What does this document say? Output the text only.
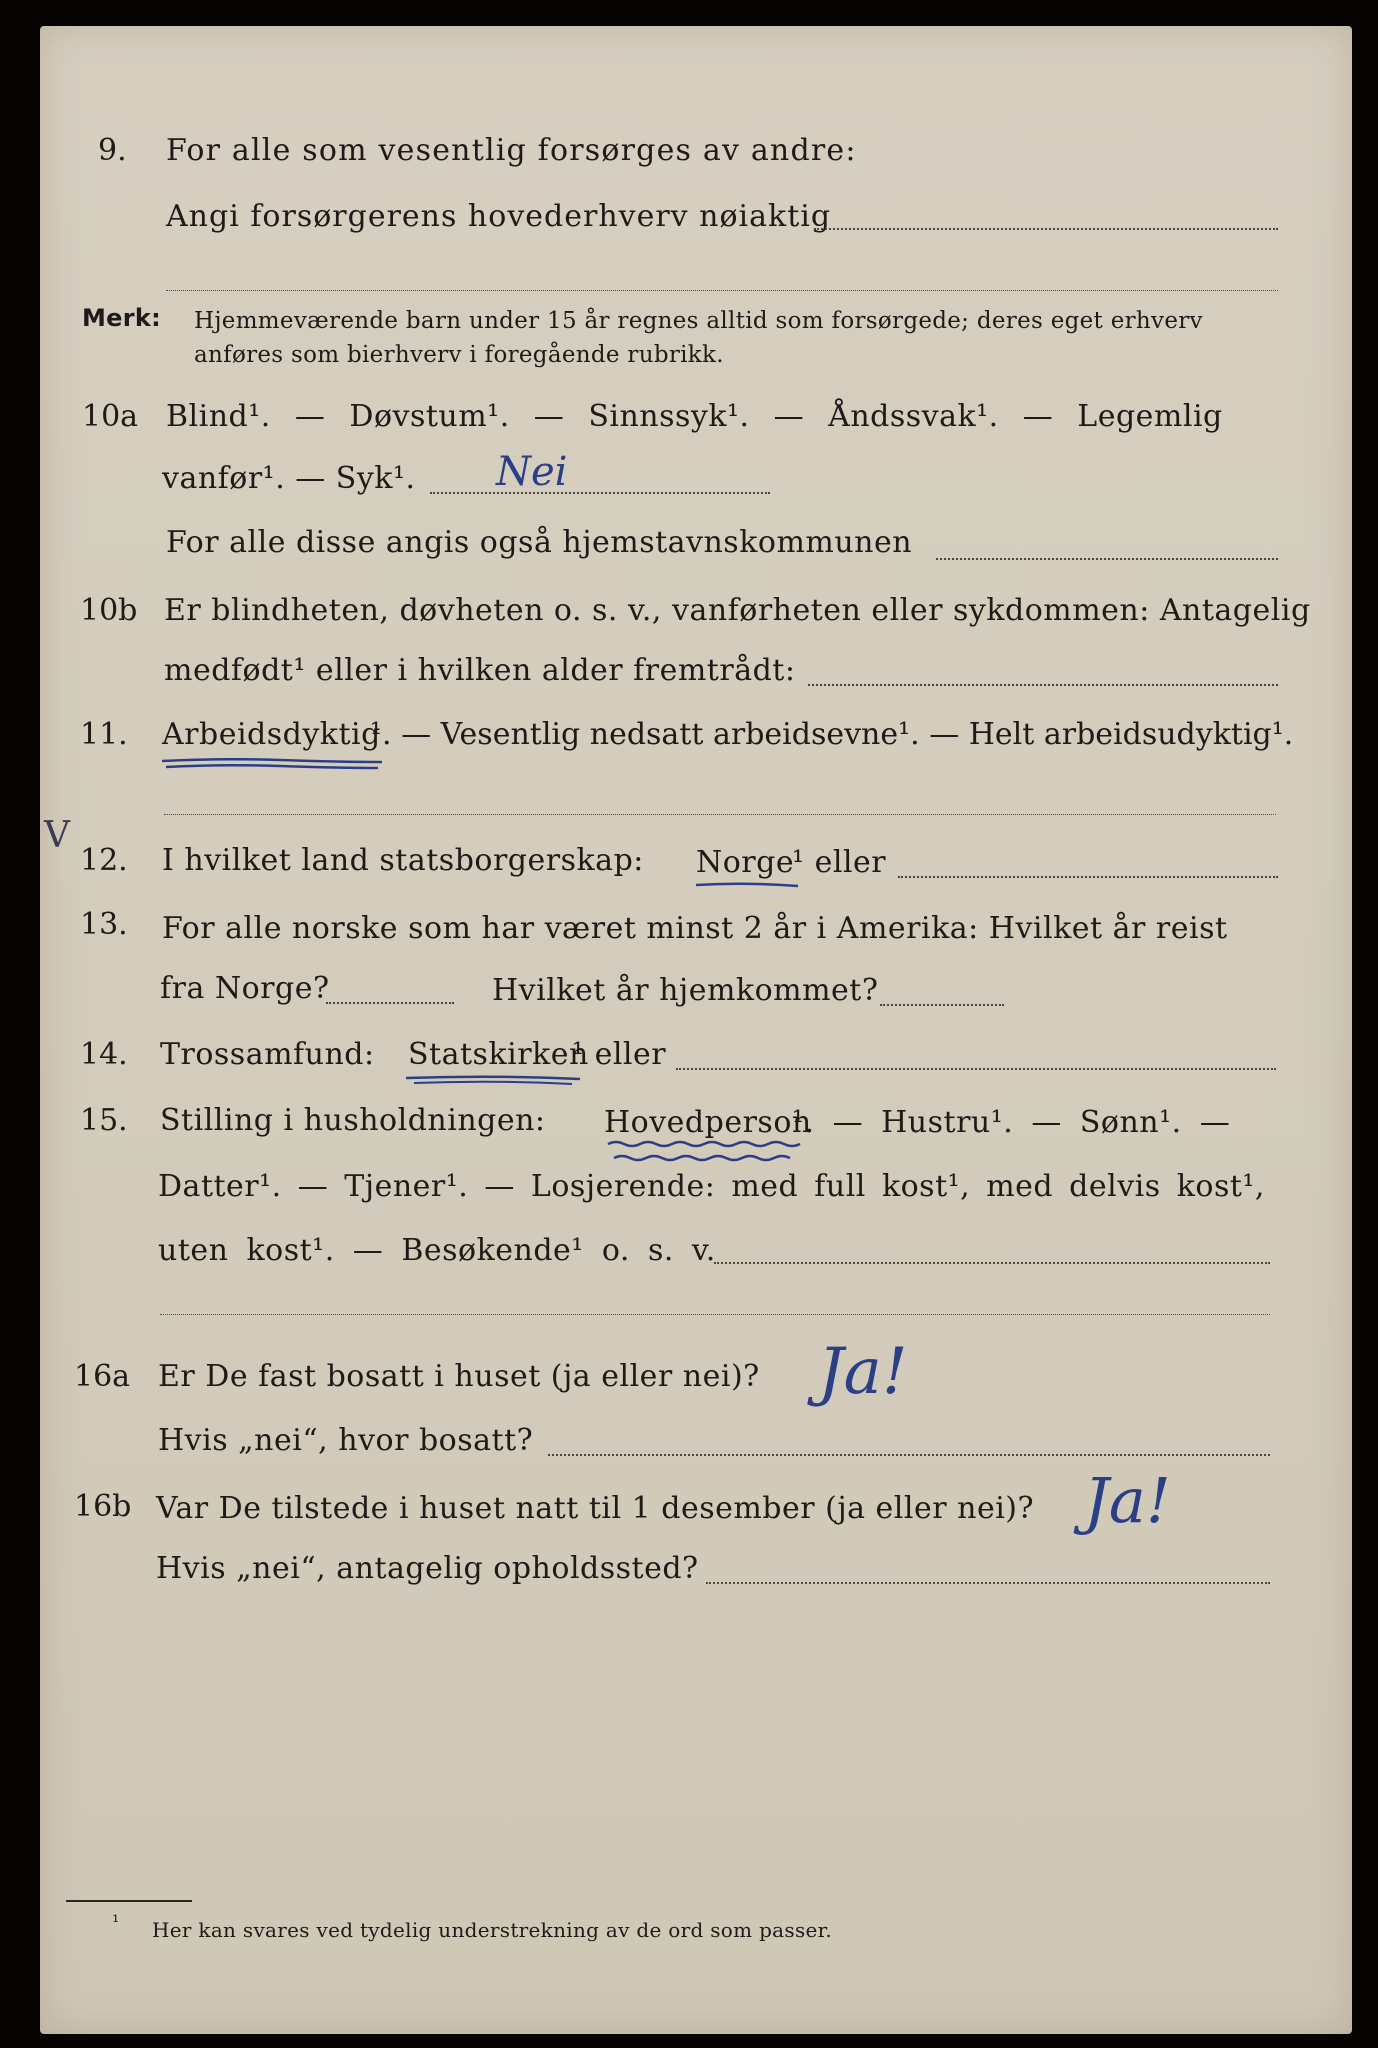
9. For alle som vesentlig forsørges av andre:
Angi forsørgerens hovederhverv nøiaktig
Merk: Hjemmeværende barn under 15 år regnes alltid som forsørgede; deres eget erhverv
anføres som bierhverv i foregående rubrikk.
10a Blind¹. — Døvstum¹. — Sinnssyk¹. — Åndssvak¹. — Legemlig
vanfør¹. — Syk¹. Nei
For alle disse angis også hjemstavnskommunen
10b Er blindheten, døvheten o. s. v., vanførheten eller sykdommen: Antagelig
medfødt¹ eller i hvilken alder fremtrådt:
11. Arbeidsdyktig
¹. — Vesentlig nedsatt arbeidsevne¹. — Helt arbeidsudyktig¹.
V
12. I hvilket land statsborgerskap: Norge
¹ eller
13. For alle norske som har været minst 2 år i Amerika: Hvilket år reist
fra Norge?	Hvilket år hjemkommet?
14. Trossamfund: Statskirken
¹ eller
15. Stilling i husholdningen: Hovedperson
¹. — Hustru¹. — Sønn¹. —
Datter¹. — Tjener¹. — Losjerende: med full kost¹, med delvis kost¹,
uten kost¹. — Besøkende¹ o. s. v.
16a Er De fast bosatt i huset (ja eller nei)? Ja!
Hvis „nei“, hvor bosatt?
16b Var De tilstede i huset natt til 1 desember (ja eller nei)? Ja!
Hvis „nei“, antagelig opholdssted?
¹ Her kan svares ved tydelig understrekning av de ord som passer.
